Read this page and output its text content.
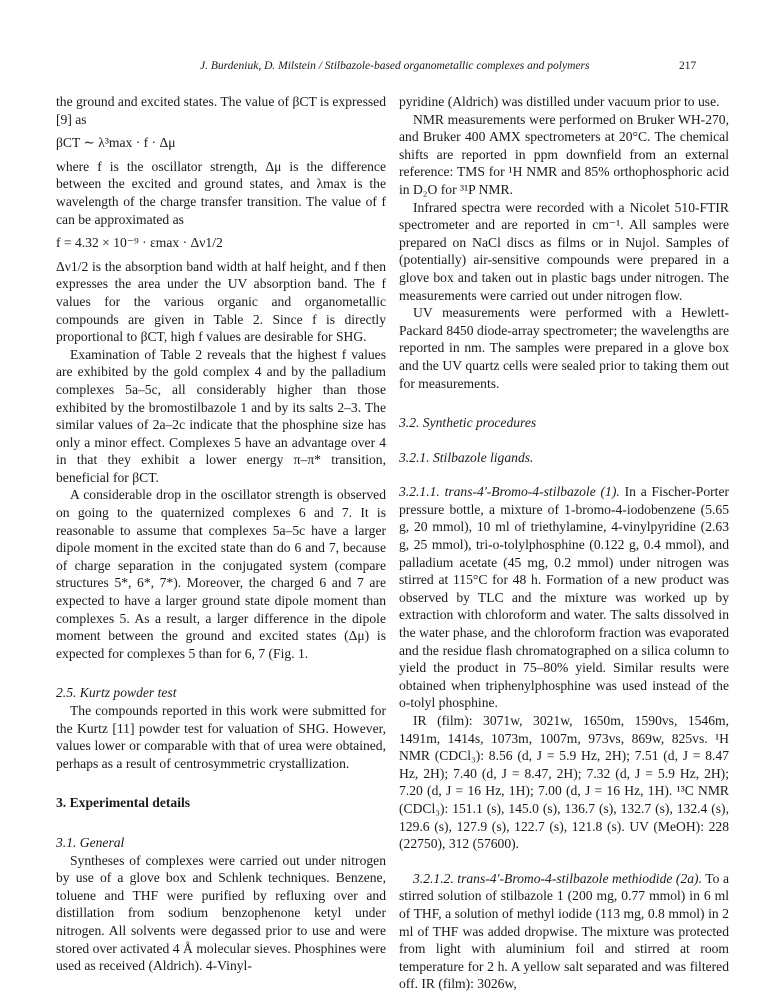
J. Burdeniuk, D. Milstein / Stilbazole-based organometallic complexes and polymers	217

the ground and excited states. The value of βCT is expressed [9] as

βCT ∼ λ³max · f · Δμ

where f is the oscillator strength, Δμ is the difference between the excited and ground states, and λmax is the wavelength of the charge transfer transition. The value of f can be approximated as

f = 4.32 × 10⁻⁹ · εmax · Δν1/2

Δν1/2 is the absorption band width at half height, and f then expresses the area under the UV absorption band. The f values for the various organic and organometallic compounds are given in Table 2. Since f is directly proportional to βCT, high f values are desirable for SHG.

Examination of Table 2 reveals that the highest f values are exhibited by the gold complex 4 and by the palladium complexes 5a–5c, all considerably higher than those exhibited by the bromostilbazole 1 and by its salts 2–3. The similar values of 2a–2c indicate that the phosphine size has only a minor effect. Complexes 5 have an advantage over 4 in that they exhibit a lower energy π–π* transition, beneficial for βCT.

A considerable drop in the oscillator strength is observed on going to the quaternized complexes 6 and 7. It is reasonable to assume that complexes 5a–5c have a larger dipole moment in the excited state than do 6 and 7, because of charge separation in the conjugated system (compare structures 5*, 6*, 7*). Moreover, the charged 6 and 7 are expected to have a larger ground state dipole moment than complexes 5. As a result, a larger difference in the dipole moment between the ground and excited states (Δμ) is expected for complexes 5 than for 6, 7 (Fig. 1.

2.5. Kurtz powder test

The compounds reported in this work were submitted for the Kurtz [11] powder test for valuation of SHG. However, values lower or comparable with that of urea were obtained, perhaps as a result of centrosymmetric crystallization.

3. Experimental details
3.1. General

Syntheses of complexes were carried out under nitrogen by use of a glove box and Schlenk techniques. Benzene, toluene and THF were purified by refluxing over and distillation from sodium benzophenone ketyl under nitrogen. All solvents were degassed prior to use and were stored over activated 4 Å molecular sieves. Phosphines were used as received (Aldrich). 4-Vinyl-

pyridine (Aldrich) was distilled under vacuum prior to use.

NMR measurements were performed on Bruker WH-270, and Bruker 400 AMX spectrometers at 20°C. The chemical shifts are reported in ppm downfield from an external reference: TMS for ¹H NMR and 85% orthophosphoric acid in D₂O for ³¹P NMR.

Infrared spectra were recorded with a Nicolet 510-FTIR spectrometer and are reported in cm⁻¹. All samples were prepared on NaCl discs as films or in Nujol. Samples of (potentially) air-sensitive compounds were prepared in a glove box and taken out in plastic bags under nitrogen. The measurements were carried out under nitrogen flow.

UV measurements were performed with a Hewlett-Packard 8450 diode-array spectrometer; the wavelengths are reported in nm. The samples were prepared in a glove box and the UV quartz cells were sealed prior to taking them out for measurements.

3.2. Synthetic procedures
3.2.1. Stilbazole ligands.

3.2.1.1. trans-4'-Bromo-4-stilbazole (1). In a Fischer-Porter pressure bottle, a mixture of 1-bromo-4-iodobenzene (5.65 g, 20 mmol), 10 ml of triethylamine, 4-vinylpyridine (2.63 g, 25 mmol), tri-o-tolylphosphine (0.122 g, 0.4 mmol), and palladium acetate (45 mg, 0.2 mmol) under nitrogen was stirred at 115°C for 48 h. Formation of a new product was observed by TLC and the mixture was worked up by extraction with chloroform and water. The salts dissolved in the water phase, and the chloroform fraction was evaporated and the residue flash chromatographed on a silica column to yield the product in 75–80% yield. Similar results were obtained when triphenylphosphine was used instead of the o-tolyl phosphine.

IR (film): 3071w, 3021w, 1650m, 1590vs, 1546m, 1491m, 1414s, 1073m, 1007m, 973vs, 869w, 825vs. ¹H NMR (CDCl₃): 8.56 (d, J = 5.9 Hz, 2H); 7.51 (d, J = 8.47 Hz, 2H); 7.40 (d, J = 8.47, 2H); 7.32 (d, J = 5.9 Hz, 2H); 7.20 (d, J = 16 Hz, 1H); 7.00 (d, J = 16 Hz, 1H). ¹³C NMR (CDCl₃): 151.1 (s), 145.0 (s), 136.7 (s), 132.7 (s), 132.4 (s), 129.6 (s), 127.9 (s), 122.7 (s), 121.8 (s). UV (MeOH): 228 (22750), 312 (57600).

3.2.1.2. trans-4'-Bromo-4-stilbazole methiodide (2a). To a stirred solution of stilbazole 1 (200 mg, 0.77 mmol) in 6 ml of THF, a solution of methyl iodide (113 mg, 0.8 mmol) in 2 ml of THF was added dropwise. The mixture was protected from light with aluminium foil and stirred at room temperature for 2 h. A yellow salt separated and was filtered off. IR (film): 3026w,
